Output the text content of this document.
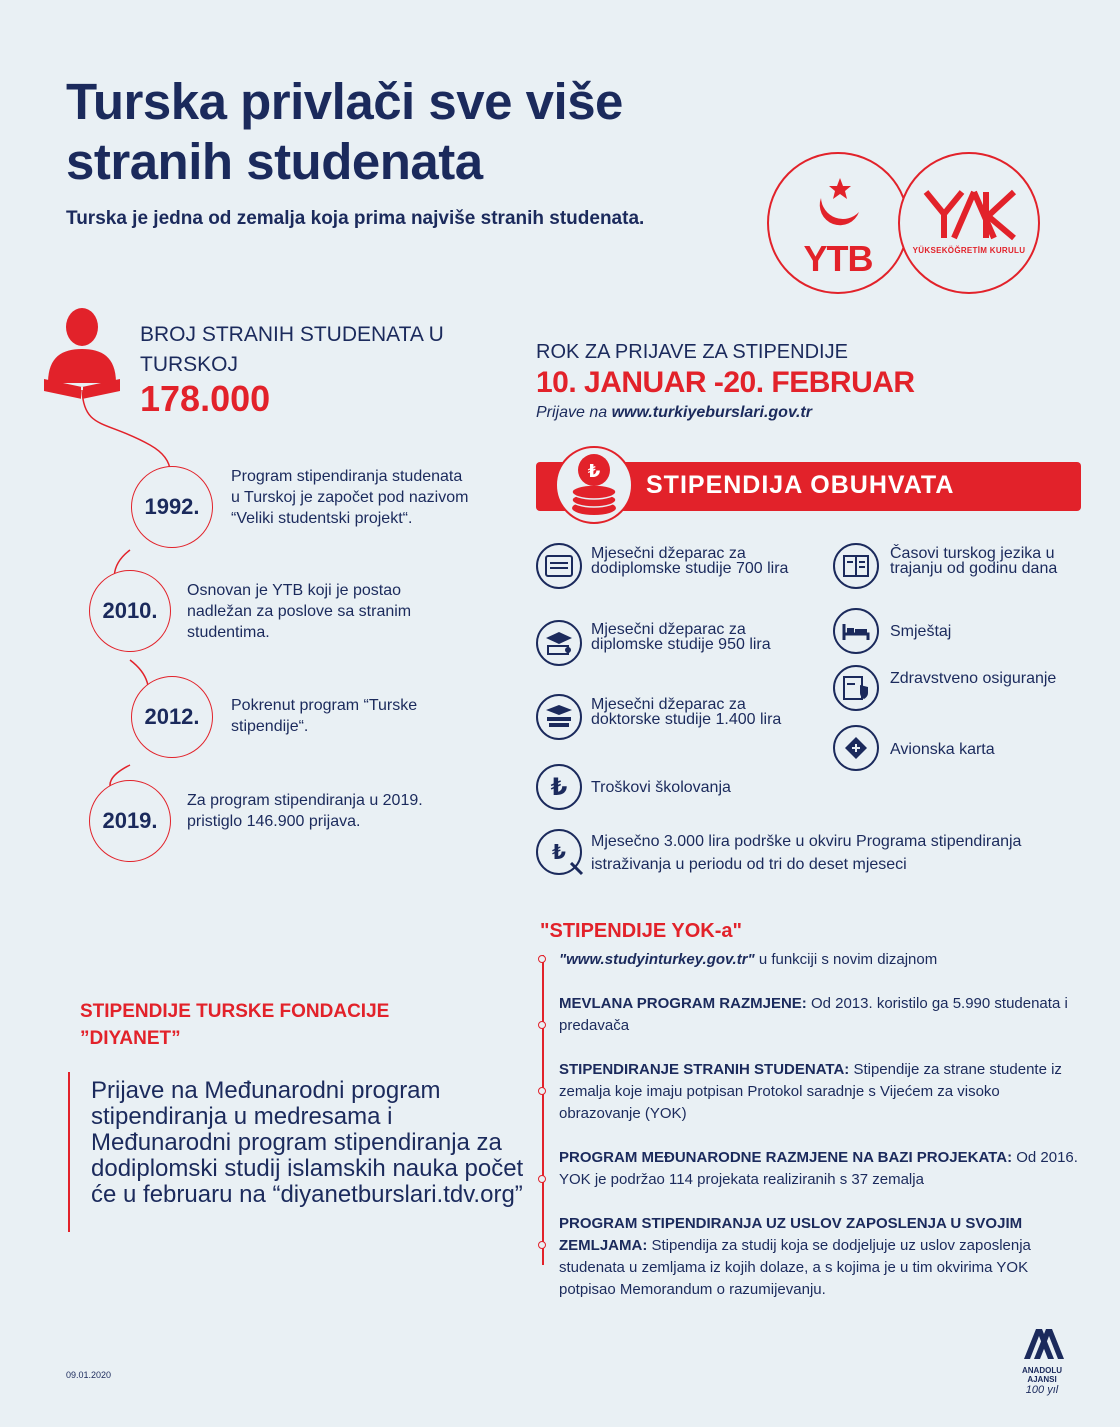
Turska privlači sve više stranih studenata
Turska je jedna od zemalja koja prima najviše stranih studenata.
YTB	YÜKSEKÖĞRETİM KURULU
BROJ STRANIH STUDENATA U TURSKOJ
178.000
1992.
Program stipendiranja studenata u Turskoj je započet pod nazivom “Veliki studentski projekt“.
2010.
Osnovan je YTB koji je postao nadležan za poslove sa stranim studentima.
2012.	Pokrenut program “Turske stipendije“.
2019.
Za program stipendiranja u 2019. pristiglo 146.900 prijava.
ROK ZA PRIJAVE ZA STIPENDIJE
10. JANUAR -20. FEBRUAR
Prijave na www.turkiyeburslari.gov.tr
STIPENDIJA OBUHVATA
₺
Mjesečni džeparac za dodiplomske studije 700 lira
Mjesečni džeparac za diplomske studije 950 lira
Mjesečni džeparac za doktorske studije 1.400 lira
₺ Troškovi školovanja
₺ Mjesečno 3.000 lira podrške u okviru Programa stipendiranja istraživanja u periodu od tri do deset mjeseci
Časovi turskog jezika u trajanju od godinu dana
Smještaj
Zdravstveno osiguranje
Avionska karta
"STIPENDIJE YOK-a"
"www.studyinturkey.gov.tr" u funkciji s novim dizajnom
MEVLANA PROGRAM RAZMJENE: Od 2013. koristilo ga 5.990 studenata i predavača
STIPENDIRANJE STRANIH STUDENATA: Stipendije za strane studente iz zemalja koje imaju potpisan Protokol saradnje s Vijećem za visoko obrazovanje (YOK)
PROGRAM MEĐUNARODNE RAZMJENE NA BAZI PROJEKATA: Od 2016. YOK je podržao 114 projekata realiziranih s 37 zemalja
PROGRAM STIPENDIRANJA UZ USLOV ZAPOSLENJA U SVOJIM ZEMLJAMA: Stipendija za studij koja se dodjeljuje uz uslov zaposlenja studenata u zemljama iz kojih dolaze, a s kojima je u tim okvirima YOK potpisao Memorandum o razumijevanju.
STIPENDIJE TURSKE FONDACIJE
”DIYANET”
Prijave na Međunarodni program stipendiranja u medresama i Međunarodni program stipendiranja za dodiplomski studij islamskih nauka počet će u februaru na “diyanetburslari.tdv.org”
09.01.2020	ANADOLU AJANSI
100 yıl
